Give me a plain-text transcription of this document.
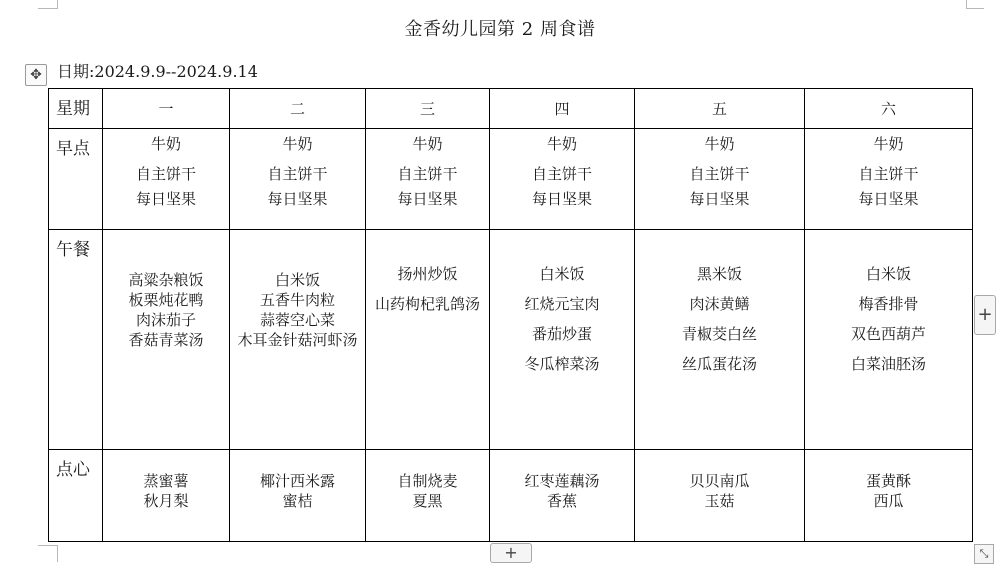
金香幼儿园第 2 周食谱
✥ 日期:2024.9.9--2024.9.14
星期	一	二	三	四	五	六
早点	牛奶
自主饼干
每日坚果	牛奶
自主饼干
每日坚果	牛奶
自主饼干
每日坚果	牛奶
自主饼干
每日坚果	牛奶
自主饼干
每日坚果	牛奶
自主饼干
每日坚果

午餐	高粱杂粮饭
板栗炖花鸭
肉沫茄子
香菇青菜汤	白米饭
五香牛肉粒
蒜蓉空心菜
木耳金针菇河虾汤	扬州炒饭
山药枸杞乳鸽汤	白米饭
红烧元宝肉
番茄炒蛋
冬瓜榨菜汤	黑米饭
肉沫黄鳝
青椒茭白丝
丝瓜蛋花汤	白米饭
梅香排骨
双色西葫芦
白菜油胚汤

点心	蒸蜜薯
秋月梨	椰汁西米露
蜜桔	自制烧麦
夏黑	红枣莲藕汤
香蕉	贝贝南瓜
玉菇	蛋黄酥
西瓜
+
+	⤡
